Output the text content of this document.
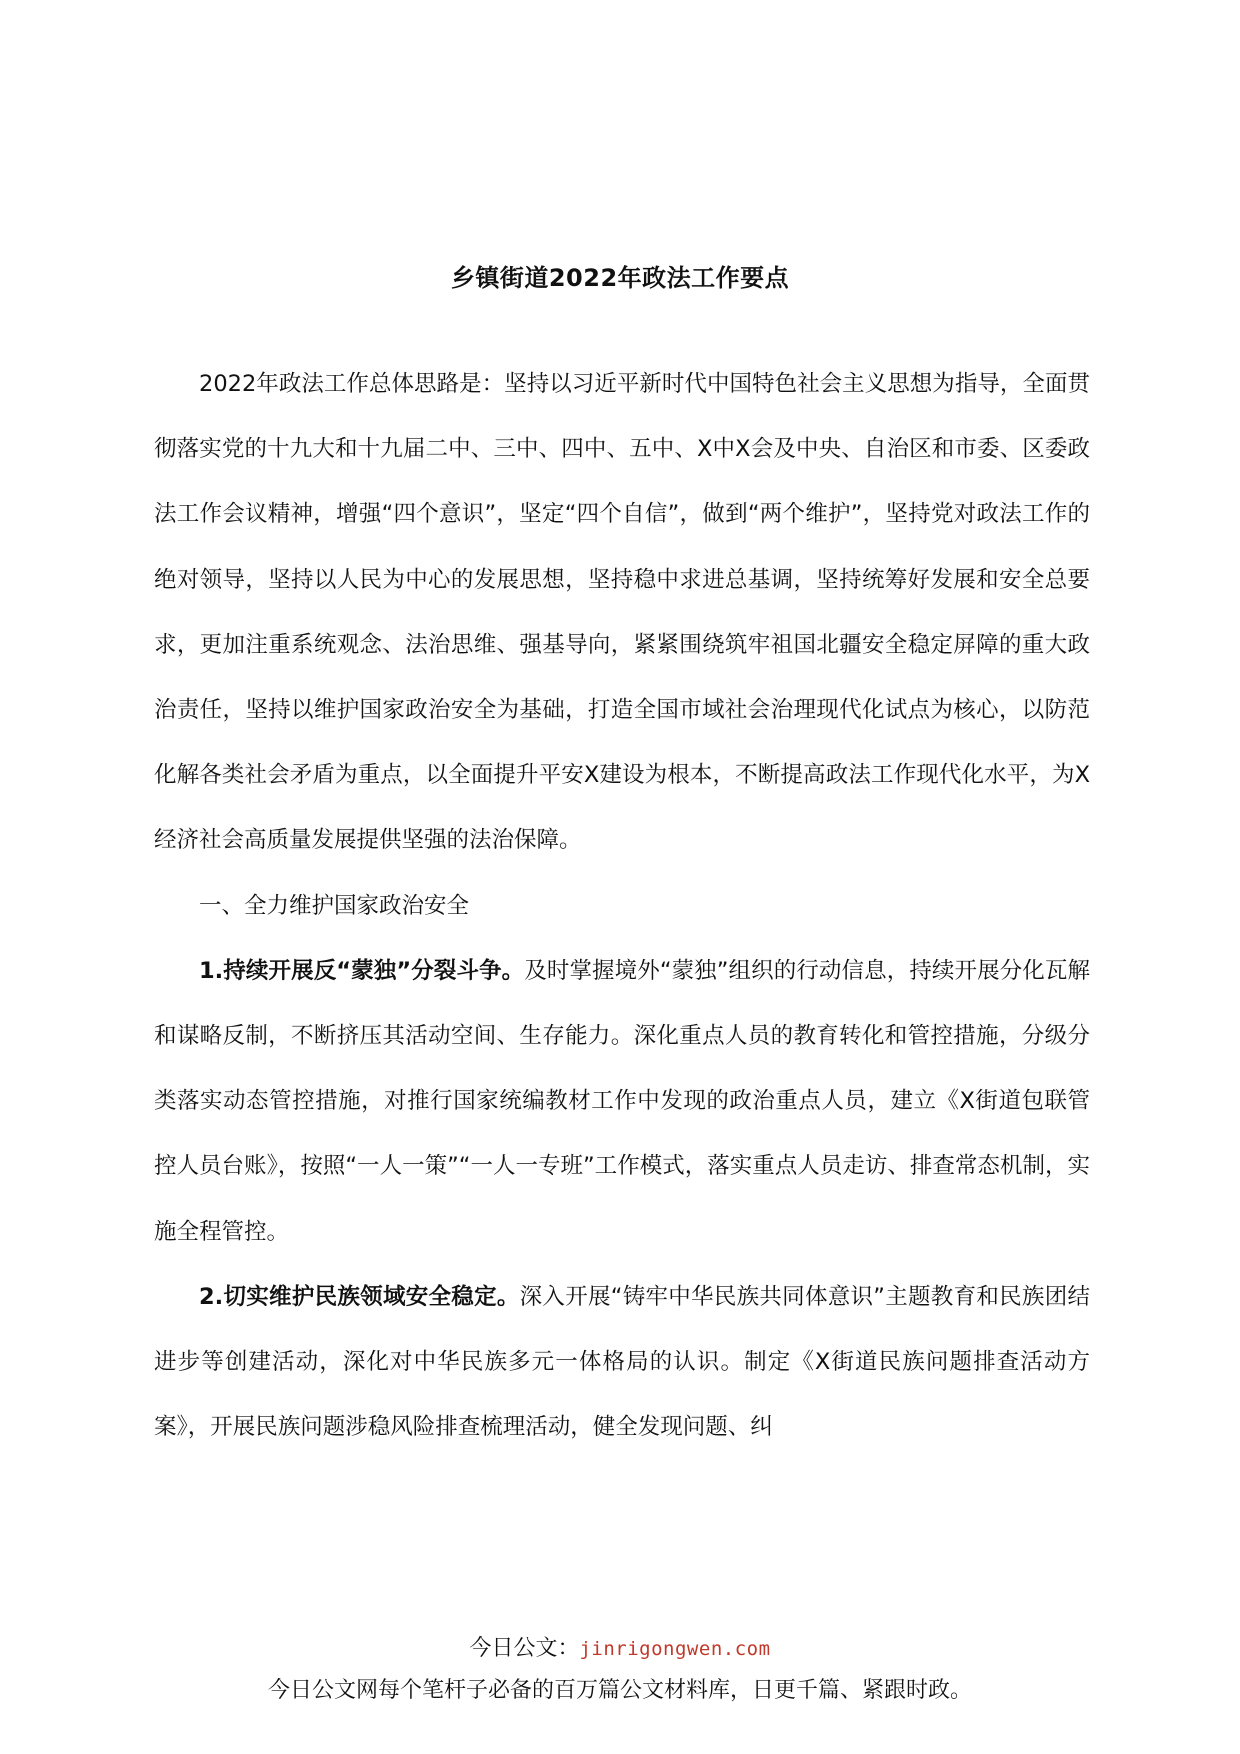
乡镇街道2022年政法工作要点

2022年政法工作总体思路是：坚持以习近平新时代中国特色社会主义思想为指导，全面贯彻落实党的十九大和十九届二中、三中、四中、五中、X中X会及中央、自治区和市委、区委政法工作会议精神，增强“四个意识”，坚定“四个自信”，做到“两个维护”，坚持党对政法工作的绝对领导，坚持以人民为中心的发展思想，坚持稳中求进总基调，坚持统筹好发展和安全总要求，更加注重系统观念、法治思维、强基导向，紧紧围绕筑牢祖国北疆安全稳定屏障的重大政治责任，坚持以维护国家政治安全为基础，打造全国市域社会治理现代化试点为核心，以防范化解各类社会矛盾为重点，以全面提升平安X建设为根本，不断提高政法工作现代化水平，为X经济社会高质量发展提供坚强的法治保障。

一、全力维护国家政治安全

1.持续开展反“蒙独”分裂斗争。及时掌握境外“蒙独”组织的行动信息，持续开展分化瓦解和谋略反制，不断挤压其活动空间、生存能力。深化重点人员的教育转化和管控措施，分级分类落实动态管控措施，对推行国家统编教材工作中发现的政治重点人员，建立《X街道包联管控人员台账》，按照“一人一策”“一人一专班”工作模式，落实重点人员走访、排查常态机制，实施全程管控。

2.切实维护民族领域安全稳定。深入开展“铸牢中华民族共同体意识”主题教育和民族团结进步等创建活动，深化对中华民族多元一体格局的认识。制定《X街道民族问题排查活动方案》，开展民族问题涉稳风险排查梳理活动，健全发现问题、纠

今日公文：jinrigongwen.com
今日公文网每个笔杆子必备的百万篇公文材料库，日更千篇、紧跟时政。
